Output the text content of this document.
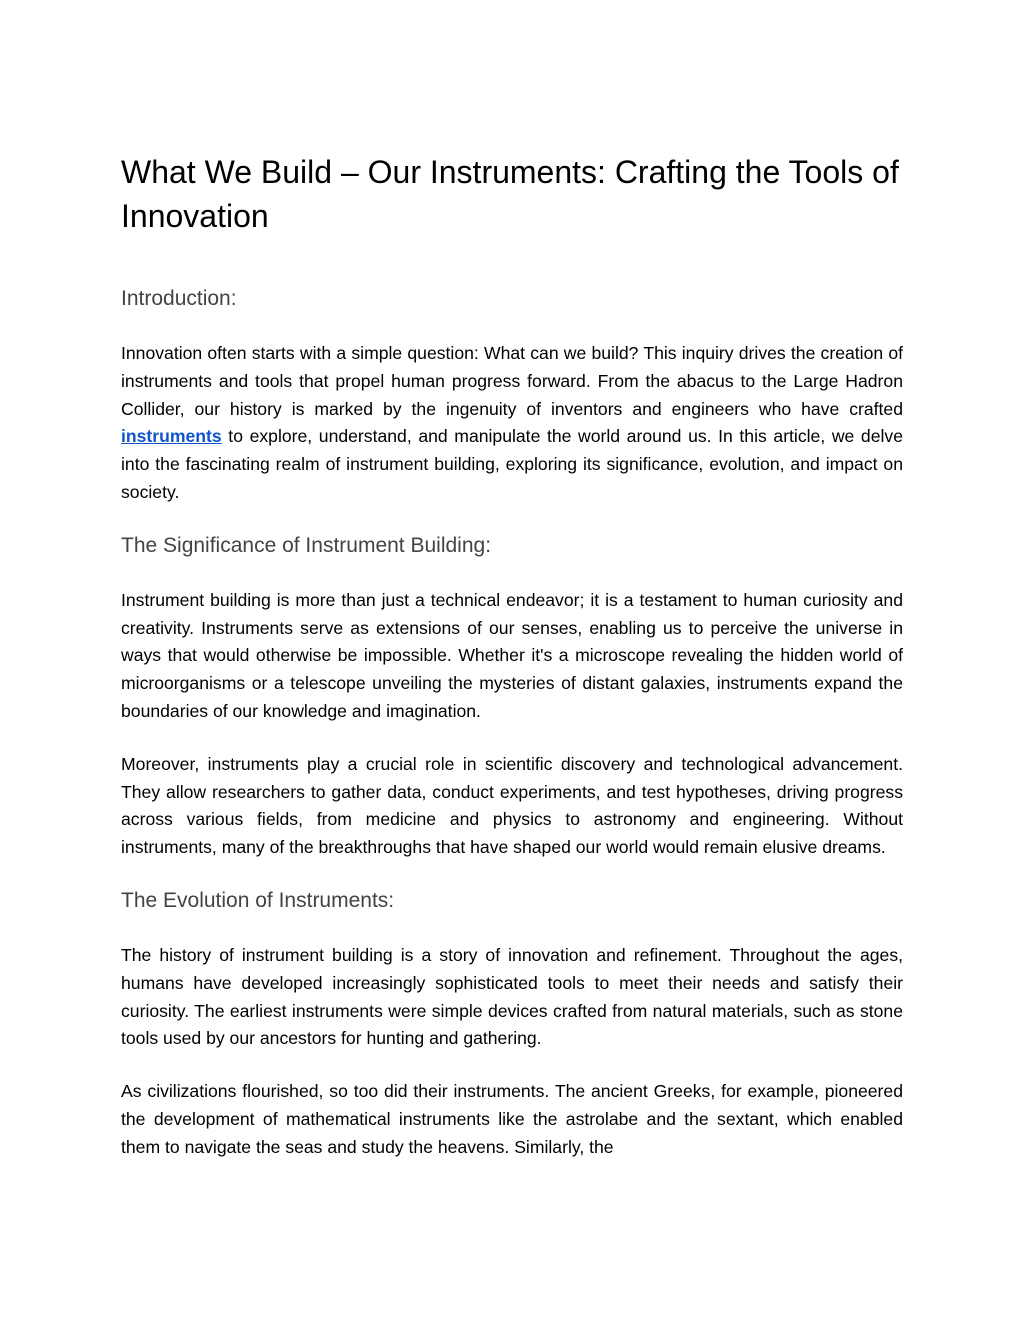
What We Build – Our Instruments: Crafting the Tools of Innovation
Introduction:

Innovation often starts with a simple question: What can we build? This inquiry drives the creation of instruments and tools that propel human progress forward. From the abacus to the Large Hadron Collider, our history is marked by the ingenuity of inventors and engineers who have crafted instruments to explore, understand, and manipulate the world around us. In this article, we delve into the fascinating realm of instrument building, exploring its significance, evolution, and impact on society.

The Significance of Instrument Building:

Instrument building is more than just a technical endeavor; it is a testament to human curiosity and creativity. Instruments serve as extensions of our senses, enabling us to perceive the universe in ways that would otherwise be impossible. Whether it's a microscope revealing the hidden world of microorganisms or a telescope unveiling the mysteries of distant galaxies, instruments expand the boundaries of our knowledge and imagination.

Moreover, instruments play a crucial role in scientific discovery and technological advancement. They allow researchers to gather data, conduct experiments, and test hypotheses, driving progress across various fields, from medicine and physics to astronomy and engineering. Without instruments, many of the breakthroughs that have shaped our world would remain elusive dreams.

The Evolution of Instruments:

The history of instrument building is a story of innovation and refinement. Throughout the ages, humans have developed increasingly sophisticated tools to meet their needs and satisfy their curiosity. The earliest instruments were simple devices crafted from natural materials, such as stone tools used by our ancestors for hunting and gathering.

As civilizations flourished, so too did their instruments. The ancient Greeks, for example, pioneered the development of mathematical instruments like the astrolabe and the sextant, which enabled them to navigate the seas and study the heavens. Similarly, the
